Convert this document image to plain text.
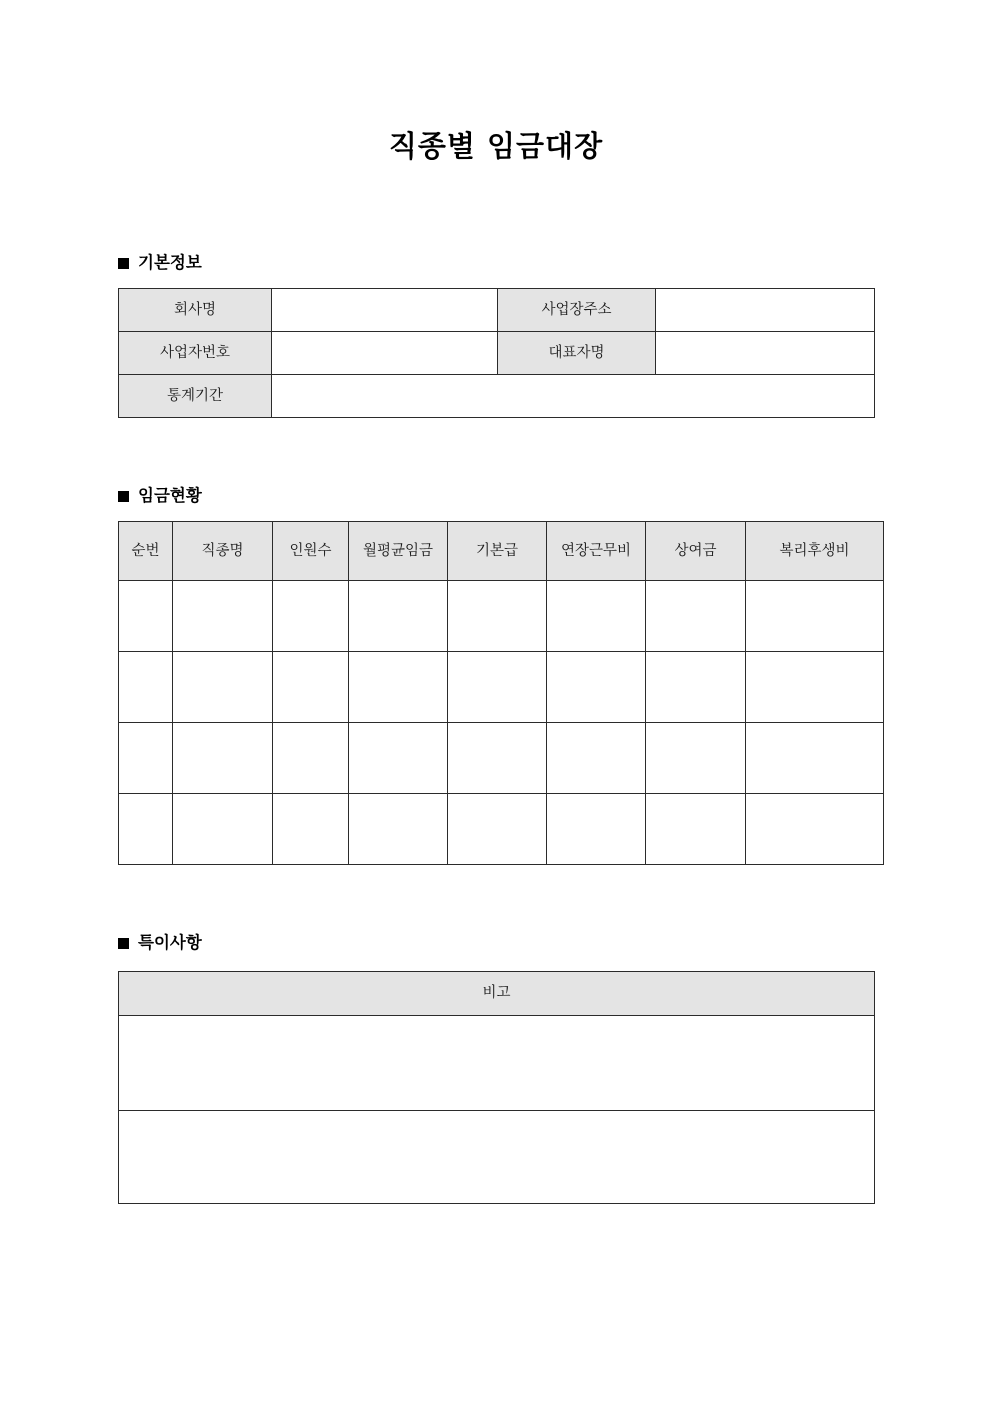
직종별 임금대장
기본정보
회사명		사업장주소	
사업자번호		대표자명	
통계기간			
임금현황
순번	직종명	인원수	월평균임금	기본급	연장근무비	상여금	복리후생비

특이사항
비고
